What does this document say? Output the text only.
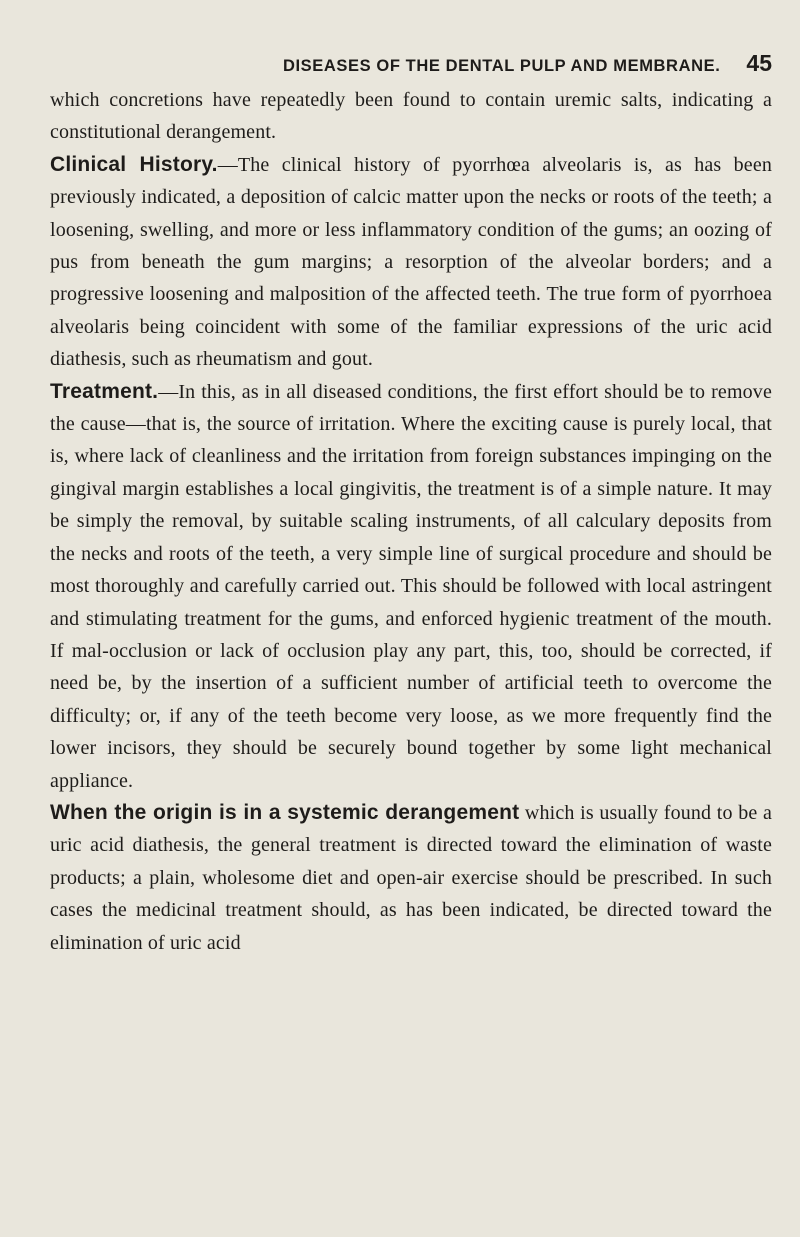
DISEASES OF THE DENTAL PULP AND MEMBRANE. 45

which concretions have repeatedly been found to contain uremic salts, indicating a constitutional derangement.

Clinical History.—The clinical history of pyorrhœa alveolaris is, as has been previously indicated, a deposition of calcic matter upon the necks or roots of the teeth; a loosening, swelling, and more or less inflammatory condition of the gums; an oozing of pus from beneath the gum margins; a resorption of the alveolar borders; and a progressive loosening and malposition of the affected teeth. The true form of pyorrhoea alveolaris being coincident with some of the familiar expressions of the uric acid diathesis, such as rheumatism and gout.

Treatment.—In this, as in all diseased conditions, the first effort should be to remove the cause—that is, the source of irritation. Where the exciting cause is purely local, that is, where lack of cleanliness and the irritation from foreign substances impinging on the gingival margin establishes a local gingivitis, the treatment is of a simple nature. It may be simply the removal, by suitable scaling instruments, of all calculary deposits from the necks and roots of the teeth, a very simple line of surgical procedure and should be most thoroughly and carefully carried out. This should be followed with local astringent and stimulating treatment for the gums, and enforced hygienic treatment of the mouth. If mal-occlusion or lack of occlusion play any part, this, too, should be corrected, if need be, by the insertion of a sufficient number of artificial teeth to overcome the difficulty; or, if any of the teeth become very loose, as we more frequently find the lower incisors, they should be securely bound together by some light mechanical appliance.

When the origin is in a systemic derangement which is usually found to be a uric acid diathesis, the general treatment is directed toward the elimination of waste products; a plain, wholesome diet and open-air exercise should be prescribed. In such cases the medicinal treatment should, as has been indicated, be directed toward the elimination of uric acid
